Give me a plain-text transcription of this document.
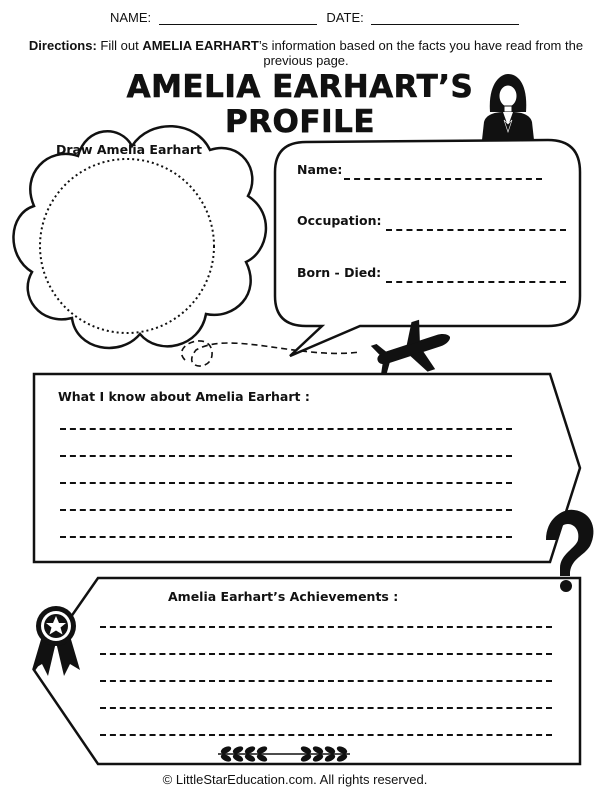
NAME:	DATE:
Directions: Fill out AMELIA EARHART’s information based on the facts you have read from the previous page.
AMELIA EARHART’S
PROFILE
Draw Amelia Earhart
Name:
Occupation:
Born - Died:
What I know about Amelia Earhart :
Amelia Earhart’s Achievements :
© LittleStarEducation.com. All rights reserved.
